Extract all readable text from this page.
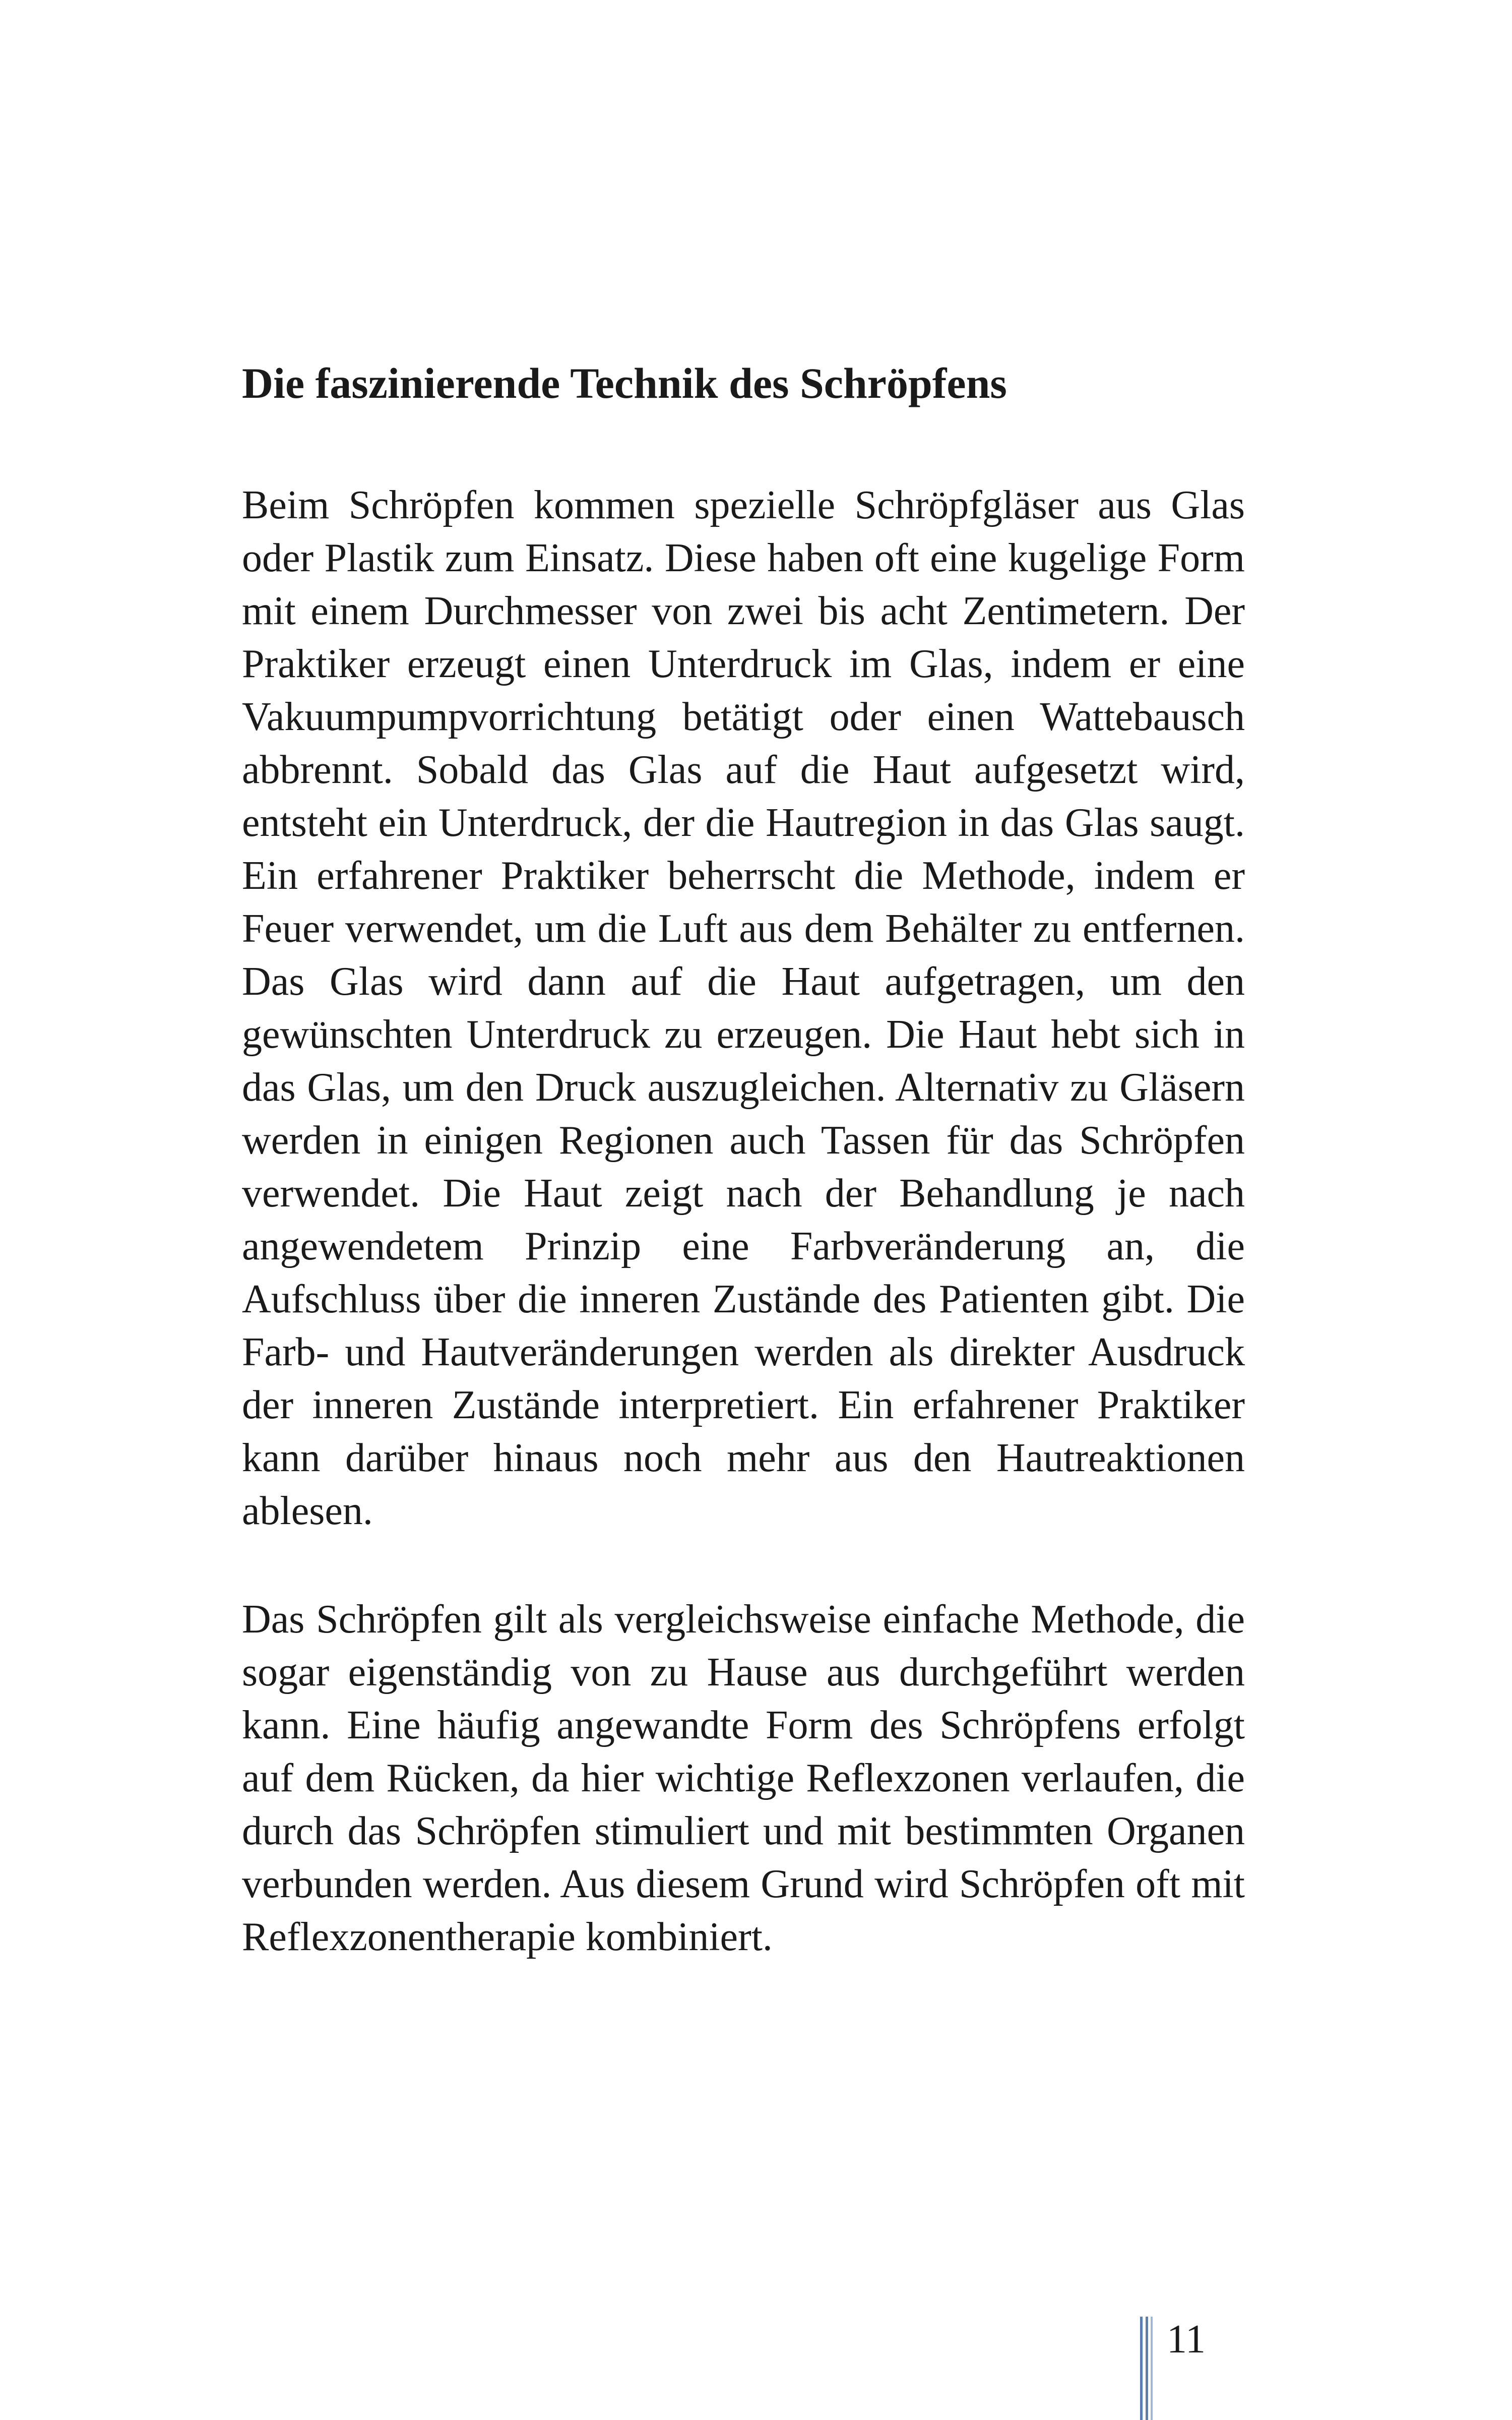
Die faszinierende Technik des Schröpfens

Beim Schröpfen kommen spezielle Schröpfgläser aus Glas oder Plastik zum Einsatz. Diese haben oft eine kugelige Form mit einem Durchmesser von zwei bis acht Zentimetern. Der Praktiker erzeugt einen Unterdruck im Glas, indem er eine Vakuumpumpvorrichtung betätigt oder einen Wattebausch abbrennt. Sobald das Glas auf die Haut aufgesetzt wird, entsteht ein Unterdruck, der die Hautregion in das Glas saugt. Ein erfahrener Praktiker beherrscht die Methode, indem er Feuer verwendet, um die Luft aus dem Behälter zu entfernen. Das Glas wird dann auf die Haut aufgetragen, um den gewünschten Unterdruck zu erzeugen. Die Haut hebt sich in das Glas, um den Druck auszugleichen. Alternativ zu Gläsern werden in einigen Regionen auch Tassen für das Schröpfen verwendet. Die Haut zeigt nach der Behandlung je nach angewendetem Prinzip eine Farbveränderung an, die Aufschluss über die inneren Zustände des Patienten gibt. Die Farb- und Hautveränderungen werden als direkter Ausdruck der inneren Zustände interpretiert. Ein erfahrener Praktiker kann darüber hinaus noch mehr aus den Hautreaktionen ablesen.

Das Schröpfen gilt als vergleichsweise einfache Methode, die sogar eigenständig von zu Hause aus durchgeführt werden kann. Eine häufig angewandte Form des Schröpfens erfolgt auf dem Rücken, da hier wichtige Reflexzonen verlaufen, die durch das Schröpfen stimuliert und mit bestimmten Organen verbunden werden. Aus diesem Grund wird Schröpfen oft mit Reflexzonentherapie kombiniert.

11
